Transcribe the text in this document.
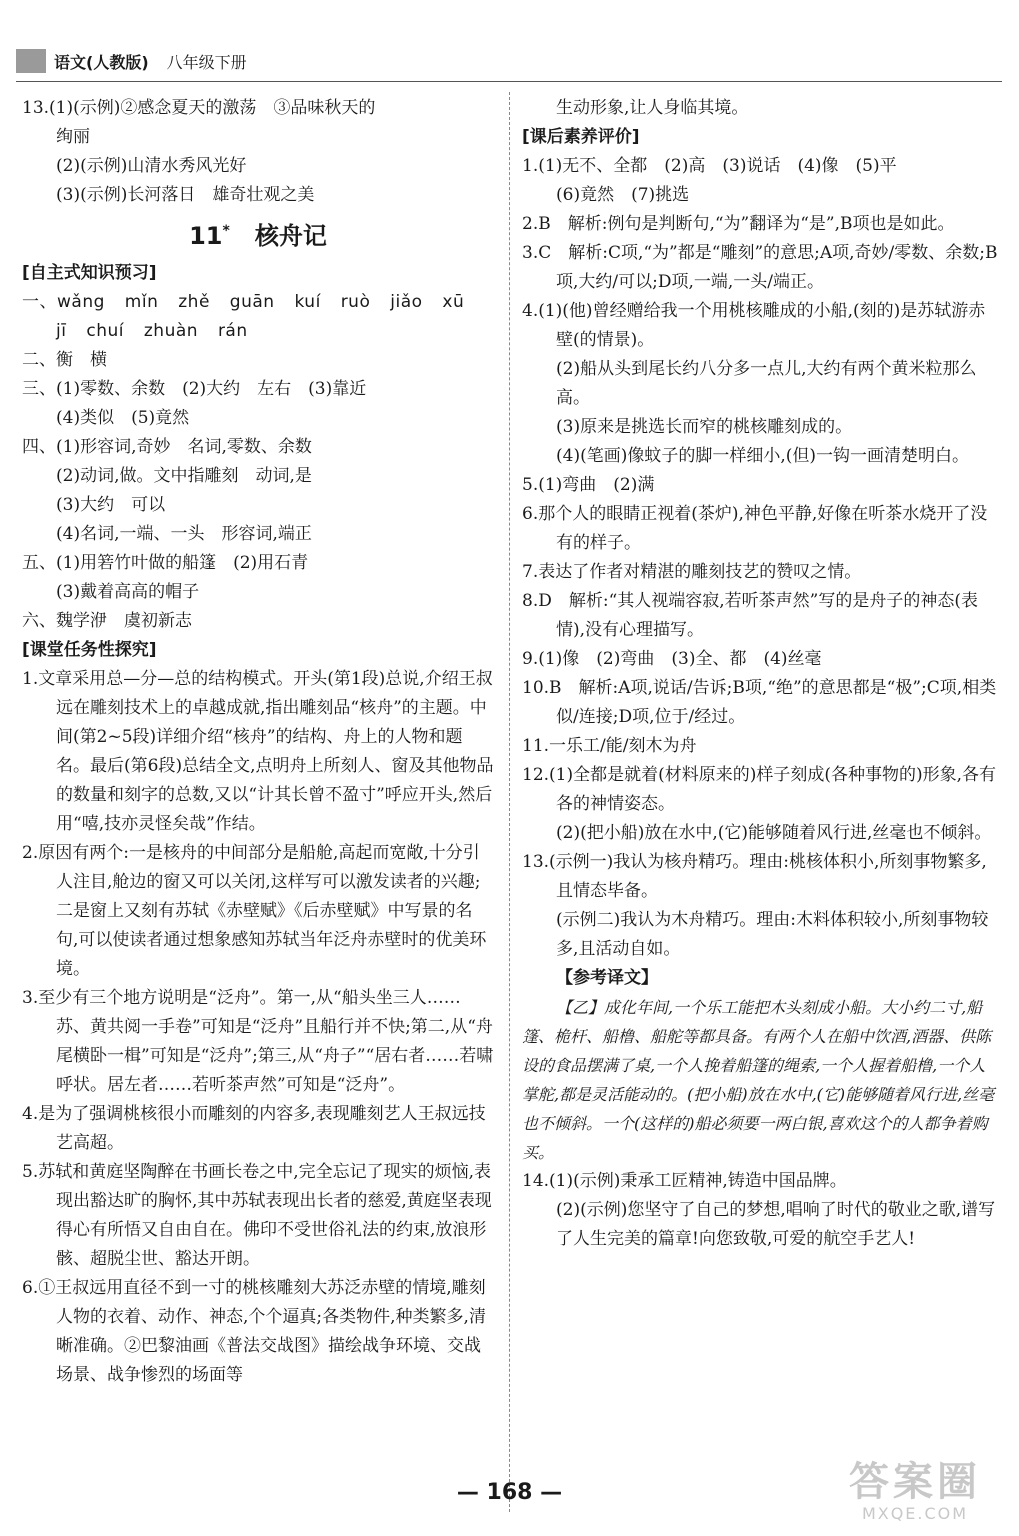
语文(人教版) 八年级下册
13.(1)(示例)②感念夏天的激荡　③品味秋天的
绚丽
(2)(示例)山清水秀风光好
(3)(示例)长河落日　雄奇壮观之美
11* 核舟记
[自主式知识预习]
一、wǎng mǐn zhě guān kuí ruò jiǎo xū
jī chuí zhuàn rán
二、衡　横
三、(1)零数、余数　(2)大约　左右　(3)靠近
(4)类似　(5)竟然
四、(1)形容词,奇妙　名词,零数、余数
(2)动词,做。文中指雕刻　动词,是
(3)大约　可以
(4)名词,一端、一头　形容词,端正
五、(1)用箬竹叶做的船篷　(2)用石青
(3)戴着高高的帽子
六、魏学洢　虞初新志
[课堂任务性探究]
1.文章采用总—分—总的结构模式。开头(第1段)总说,介绍王叔远在雕刻技术上的卓越成就,指出雕刻品“核舟”的主题。中间(第2~5段)详细介绍“核舟”的结构、舟上的人物和题名。最后(第6段)总结全文,点明舟上所刻人、窗及其他物品的数量和刻字的总数,又以“计其长曾不盈寸”呼应开头,然后用“嘻,技亦灵怪矣哉”作结。
2.原因有两个:一是核舟的中间部分是船舱,高起而宽敞,十分引人注目,舱边的窗又可以关闭,这样写可以激发读者的兴趣;二是窗上又刻有苏轼《赤壁赋》《后赤壁赋》中写景的名句,可以使读者通过想象感知苏轼当年泛舟赤壁时的优美环境。
3.至少有三个地方说明是“泛舟”。第一,从“船头坐三人……苏、黄共阅一手卷”可知是“泛舟”且船行并不快;第二,从“舟尾横卧一楫”可知是“泛舟”;第三,从“舟子”“居右者……若啸呼状。居左者……若听茶声然”可知是“泛舟”。
4.是为了强调桃核很小而雕刻的内容多,表现雕刻艺人王叔远技艺高超。
5.苏轼和黄庭坚陶醉在书画长卷之中,完全忘记了现实的烦恼,表现出豁达旷的胸怀,其中苏轼表现出长者的慈爱,黄庭坚表现得心有所悟又自由自在。佛印不受世俗礼法的约束,放浪形骸、超脱尘世、豁达开朗。
6.①王叔远用直径不到一寸的桃核雕刻大苏泛赤壁的情境,雕刻人物的衣着、动作、神态,个个逼真;各类物件,种类繁多,清晰准确。②巴黎油画《普法交战图》描绘战争环境、交战场景、战争惨烈的场面等
生动形象,让人身临其境。
[课后素养评价]
1.(1)无不、全都　(2)高　(3)说话　(4)像　(5)平
(6)竟然　(7)挑选
2.B　解析:例句是判断句,“为”翻译为“是”,B项也是如此。
3.C　解析:C项,“为”都是“雕刻”的意思;A项,奇妙/零数、余数;B项,大约/可以;D项,一端,一头/端正。
4.(1)(他)曾经赠给我一个用桃核雕成的小船,(刻的)是苏轼游赤壁(的情景)。
(2)船从头到尾长约八分多一点儿,大约有两个黄米粒那么高。
(3)原来是挑选长而窄的桃核雕刻成的。
(4)(笔画)像蚊子的脚一样细小,(但)一钩一画清楚明白。
5.(1)弯曲　(2)满
6.那个人的眼睛正视着(茶炉),神色平静,好像在听茶水烧开了没有的样子。
7.表达了作者对精湛的雕刻技艺的赞叹之情。
8.D　解析:“其人视端容寂,若听茶声然”写的是舟子的神态(表情),没有心理描写。
9.(1)像　(2)弯曲　(3)全、都　(4)丝毫
10.B　解析:A项,说话/告诉;B项,“绝”的意思都是“极”;C项,相类似/连接;D项,位于/经过。
11.一乐工/能/刻木为舟
12.(1)全都是就着(材料原来的)样子刻成(各种事物的)形象,各有各的神情姿态。
(2)(把小船)放在水中,(它)能够随着风行进,丝毫也不倾斜。
13.(示例一)我认为核舟精巧。理由:桃核体积小,所刻事物繁多,且情态毕备。
(示例二)我认为木舟精巧。理由:木料体积较小,所刻事物较多,且活动自如。
【参考译文】
【乙】成化年间,一个乐工能把木头刻成小船。大小约二寸,船篷、桅杆、船橹、船舵等都具备。有两个人在船中饮酒,酒器、供陈设的食品摆满了桌,一个人挽着船篷的绳索,一个人握着船橹,一个人掌舵,都是灵活能动的。(把小船)放在水中,(它)能够随着风行进,丝毫也不倾斜。一个(这样的)船必须要一两白银,喜欢这个的人都争着购买。
14.(1)(示例)秉承工匠精神,铸造中国品牌。
(2)(示例)您坚守了自己的梦想,唱响了时代的敬业之歌,谱写了人生完美的篇章!向您致敬,可爱的航空手艺人!
— 168 —	答案圈
MXQE.COM
